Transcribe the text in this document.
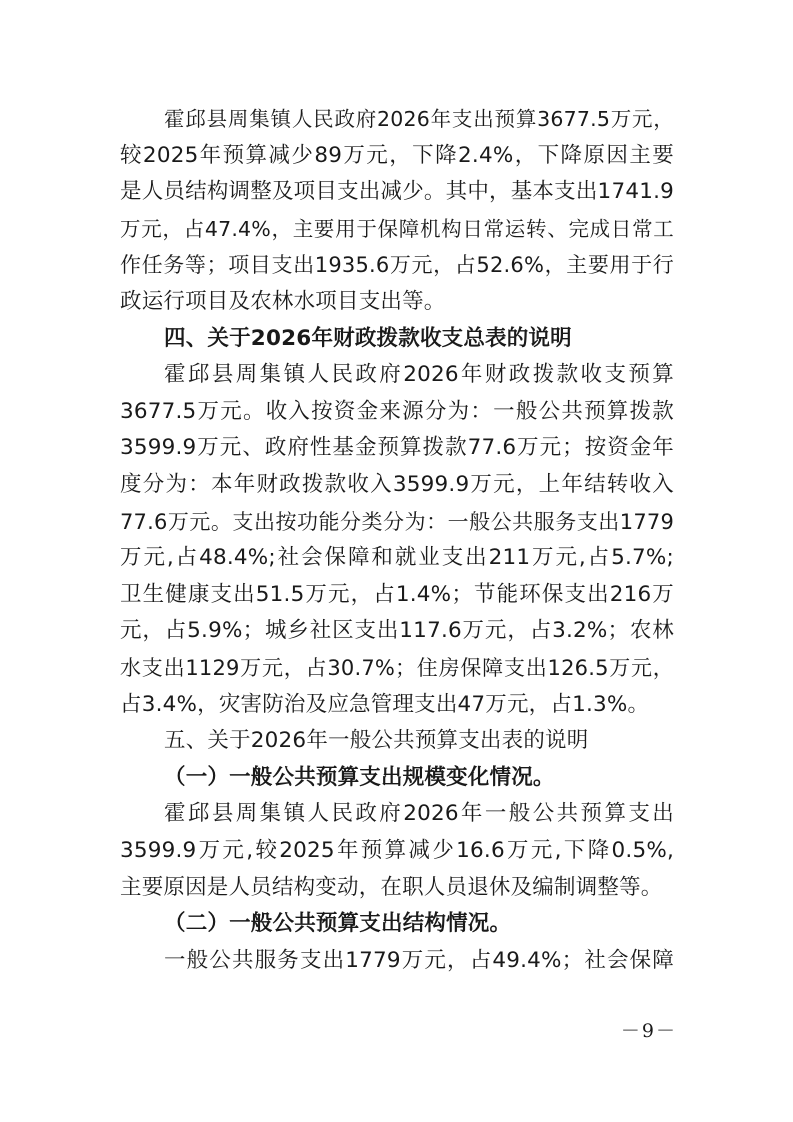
霍邱县周集镇人民政府2026年支出预算3677.5万元，
较2025年预算减少89万元，下降2.4%，下降原因主要
是人员结构调整及项目支出减少。其中，基本支出1741.9
万元，占47.4%，主要用于保障机构日常运转、完成日常工
作任务等；项目支出1935.6万元，占52.6%，主要用于行
政运行项目及农林水项目支出等。
四、关于2026年财政拨款收支总表的说明
霍邱县周集镇人民政府2026年财政拨款收支预算
3677.5万元。收入按资金来源分为：一般公共预算拨款
3599.9万元、政府性基金预算拨款77.6万元；按资金年
度分为：本年财政拨款收入3599.9万元，上年结转收入
77.6万元。支出按功能分类分为：一般公共服务支出1779
万元,占48.4%;社会保障和就业支出211万元,占5.7%;
卫生健康支出51.5万元，占1.4%；节能环保支出216万
元，占5.9%；城乡社区支出117.6万元，占3.2%；农林
水支出1129万元，占30.7%；住房保障支出126.5万元，
占3.4%，灾害防治及应急管理支出47万元，占1.3%。
五、关于2026年一般公共预算支出表的说明
（一）一般公共预算支出规模变化情况。
霍邱县周集镇人民政府2026年一般公共预算支出
3599.9万元,较2025年预算减少16.6万元,下降0.5%,
主要原因是人员结构变动，在职人员退休及编制调整等。
（二）一般公共预算支出结构情况。
一般公共服务支出1779万元，占49.4%；社会保障
－9－
